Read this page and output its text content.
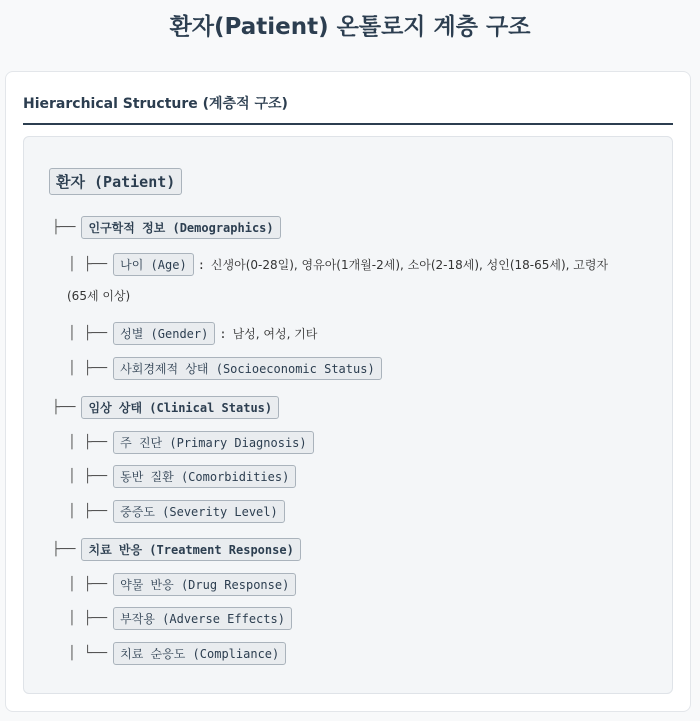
환자(Patient) 온톨로지 계층 구조
Hierarchical Structure (계층적 구조)
환자 (Patient)
├──	인구학적 정보 (Demographics)
│ ├──	나이 (Age) : 신생아(0-28일), 영유아(1개월-2세), 소아(2-18세), 성인(18-65세), 고령자
(65세 이상)
│ ├──	성별 (Gender) : 남성, 여성, 기타
│ ├──	사회경제적 상태 (Socioeconomic Status)
├──	임상 상태 (Clinical Status)
│ ├──	주 진단 (Primary Diagnosis)
│ ├──	동반 질환 (Comorbidities)
│ ├──	중증도 (Severity Level)
├──	치료 반응 (Treatment Response)
│ ├──	약물 반응 (Drug Response)
│ ├──	부작용 (Adverse Effects)
│ └──	치료 순응도 (Compliance)
